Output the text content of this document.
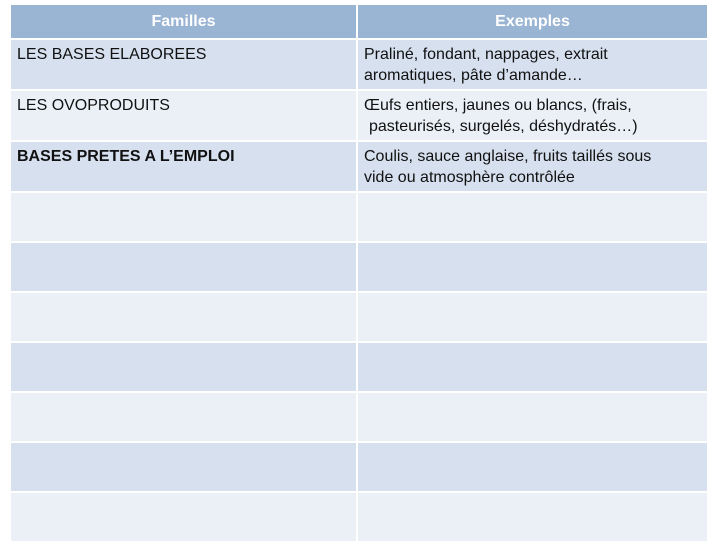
Familles	Exemples
LES BASES ELABOREES	Praliné, fondant, nappages, extrait
aromatiques, pâte d’amande…

LES OVOPRODUITS	Œufs entiers, jaunes ou blancs, (frais,
pasteurisés, surgelés, déshydratés…)

BASES PRETES A L’EMPLOI	Coulis, sauce anglaise, fruits taillés sous
vide ou atmosphère contrôlée
